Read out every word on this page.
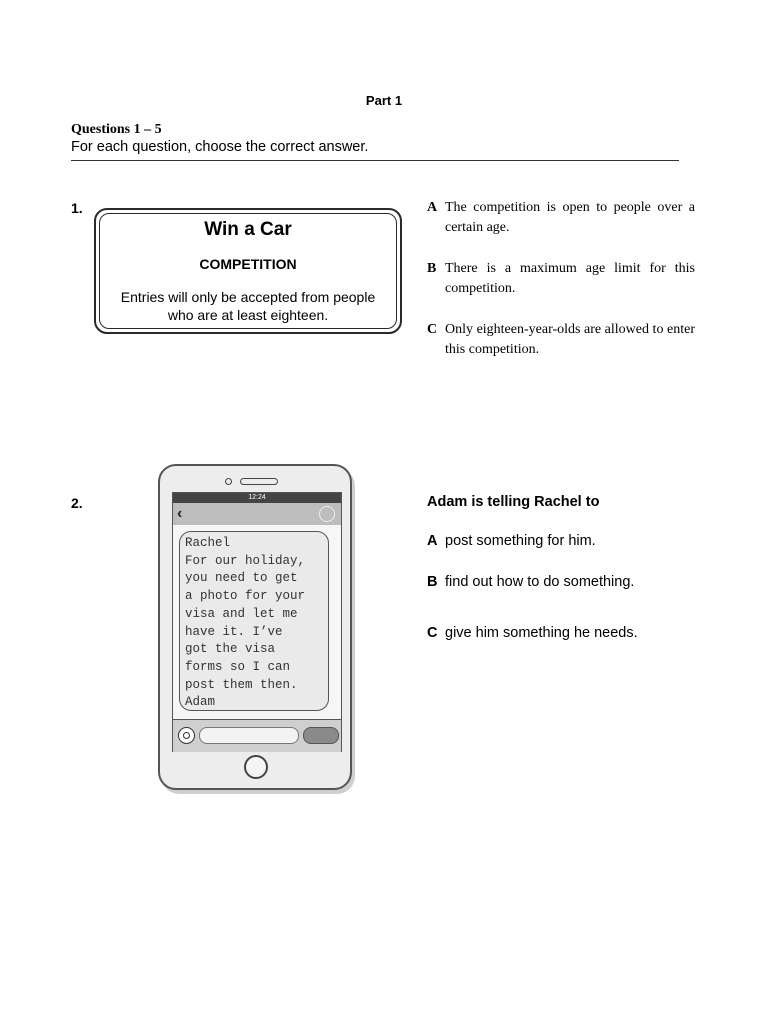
Part 1
Questions 1 – 5
For each question, choose the correct answer.
1.
Win a Car
COMPETITION
Entries will only be accepted from people who are at least eighteen.
A The competition is open to people over a certain age.
B There is a maximum age limit for this competition.
C Only eighteen-year-olds are allowed to enter this competition.
2.	12:24
‹
Rachel
For our holiday,
you need to get
a photo for your
visa and let me
have it. I’ve
got the visa
forms so I can
post them then.
Adam
Adam is telling Rachel to
A post something for him.
B find out how to do something.
C give him something he needs.
